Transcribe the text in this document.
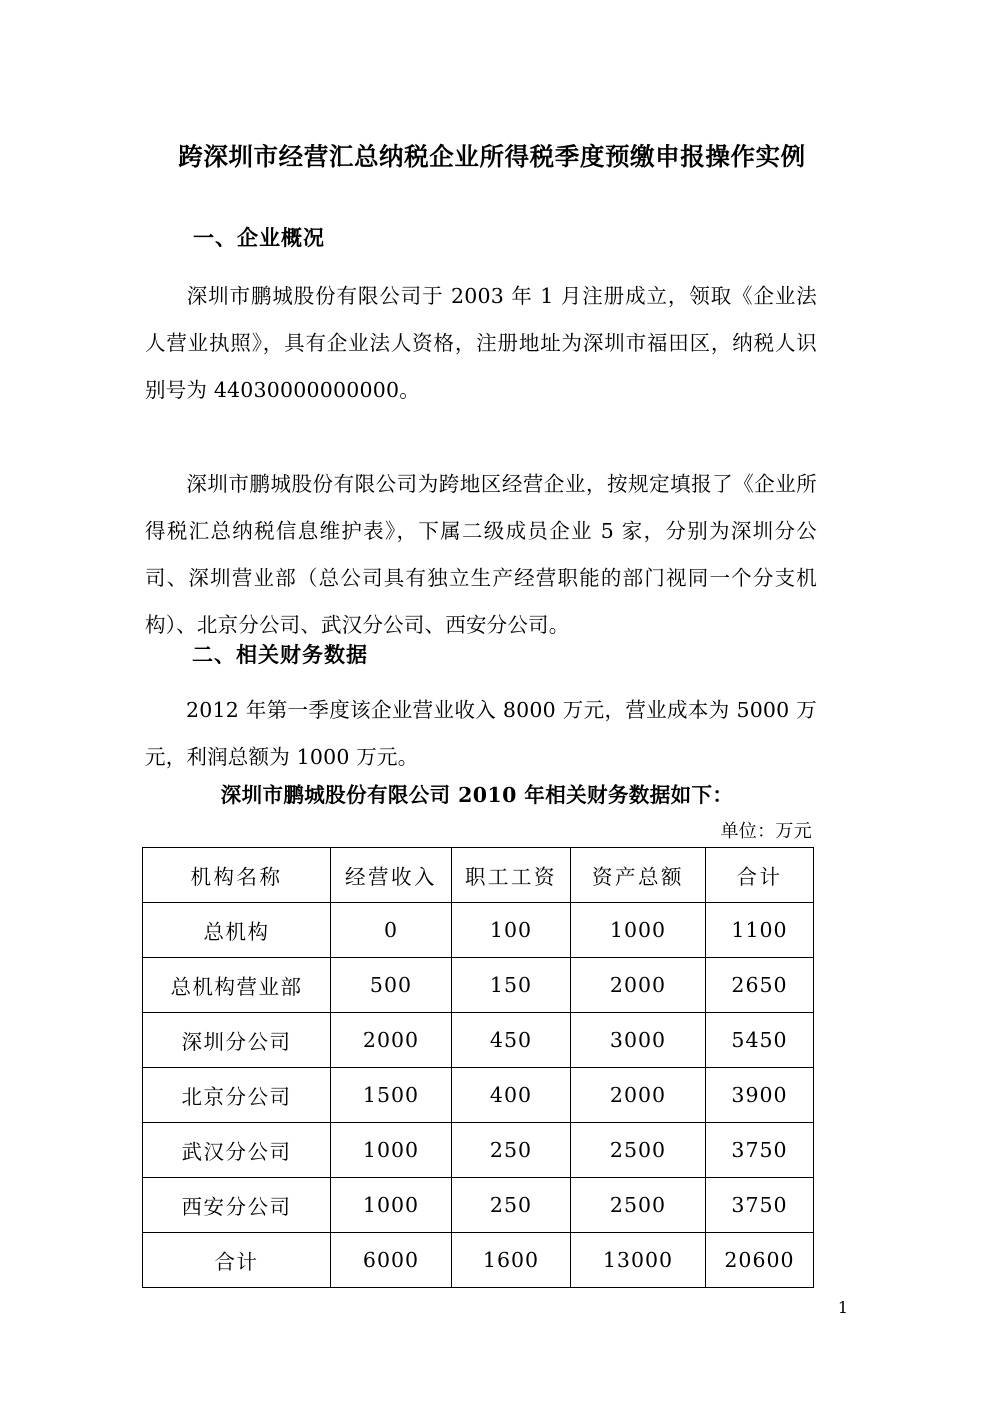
跨深圳市经营汇总纳税企业所得税季度预缴申报操作实例
一、企业概况

深圳市鹏城股份有限公司于 2003 年 1 月注册成立，领取《企业法人营业执照》，具有企业法人资格，注册地址为深圳市福田区，纳税人识别号为 44030000000000。

深圳市鹏城股份有限公司为跨地区经营企业，按规定填报了《企业所得税汇总纳税信息维护表》，下属二级成员企业 5 家，分别为深圳分公司、深圳营业部（总公司具有独立生产经营职能的部门视同一个分支机构）、北京分公司、武汉分公司、西安分公司。

二、相关财务数据

2012 年第一季度该企业营业收入 8000 万元，营业成本为 5000 万元，利润总额为 1000 万元。

深圳市鹏城股份有限公司 2010 年相关财务数据如下：
单位：万元
机构名称	经营收入	职工工资	资产总额	合计
总机构	0	100	1000	1100
总机构营业部	500	150	2000	2650
深圳分公司	2000	450	3000	5450
北京分公司	1500	400	2000	3900
武汉分公司	1000	250	2500	3750
西安分公司	1000	250	2500	3750
合计	6000	1600	13000	20600
1
